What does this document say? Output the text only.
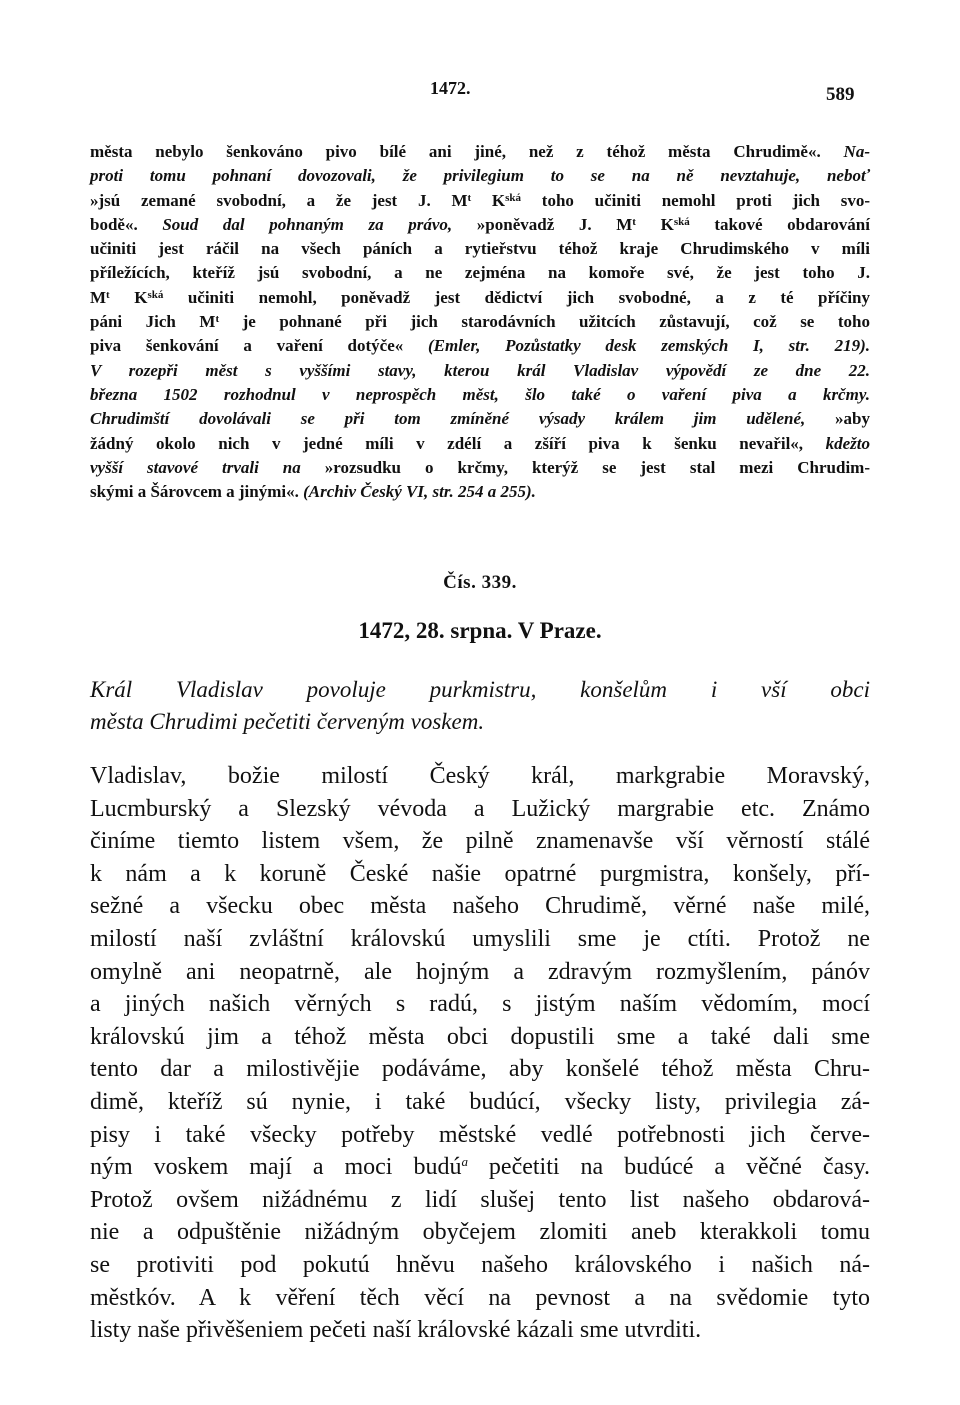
1472.	589
města nebylo šenkováno pivo bílé ani jiné, než z téhož města Chrudimě«. Na-
proti tomu pohnaní dovozovali, že privilegium to se na ně nevztahuje, neboť
»jsú zemané svobodní, a že jest J. $M^t$ $K^{ská}$ toho učiniti nemohl proti jich svo-
bodě«. Soud dal pohnaným za právo, »poněvadž J. $M^t$ $K^{ská}$ takové obdarování
učiniti jest ráčil na všech páních a rytieřstvu téhož kraje Chrudimského v míli
příležících, kteříž jsú svobodní, a ne zejména na komoře své, že jest toho J.
$M^t$ $K^{ská}$ učiniti nemohl, poněvadž jest dědictví jich svobodné, a z té příčiny
páni Jich $M^t$ je pohnané při jich starodávních užitcích zůstavují, což se toho
piva šenkování a vaření dotýče« (Emler, Pozůstatky desk zemských I, str. 219).
V rozepři měst s vyššími stavy, kterou král Vladislav výpovědí ze dne 22.
března 1502 rozhodnul v neprospěch měst, šlo také o vaření piva a krčmy.
Chrudimští dovolávali se při tom zmíněné výsady králem jim udělené, »aby
žádný okolo nich v jedné míli v zdélí a zšíří piva k šenku nevařil«, kdežto
vyšší stavové trvali na »rozsudku o krčmy, kterýž se jest stal mezi Chrudim-
skými a Šárovcem a jinými«. (Archiv Český VI, str. 254 a 255).
Čís. 339.
1472, 28. srpna. V Praze.
Král Vladislav povoluje purkmistru, konšelům i vší obci
města Chrudimi pečetiti červeným voskem.
Vladislav, božie milostí Český král, markgrabie Moravský,
Lucmburský a Slezský vévoda a Lužický margrabie etc. Známo
činíme tiemto listem všem, že pilně znamenavše vší věrností stálé
k nám a k koruně České našie opatrné purgmistra, konšely, pří-
sežné a všecku obec města našeho Chrudimě, věrné naše milé,
milostí naší zvláštní královskú umyslili sme je ctíti. Protož ne
omylně ani neopatrně, ale hojným a zdravým rozmyšlením, pánóv
a jiných našich věrných s radú, s jistým naším vědomím, mocí
královskú jim a téhož města obci dopustili sme a také dali sme
tento dar a milostivějie podáváme, aby konšelé téhož města Chru-
dimě, kteříž sú nynie, i také budúcí, všecky listy, privilegia zá-
pisy i také všecky potřeby městské vedlé potřebnosti jich červe-
ným voskem mají a moci budú$^a$ pečetiti na budúcé a věčné časy.
Protož ovšem nižádnému z lidí slušej tento list našeho obdarová-
nie a odpuštěnie nižádným obyčejem zlomiti aneb kterakkoli tomu
se protiviti pod pokutú hněvu našeho královského i našich ná-
městkóv. A k věření těch věcí na pevnost a na svědomie tyto
listy naše přivěšeniem pečeti naší královské kázali sme utvrditi.
